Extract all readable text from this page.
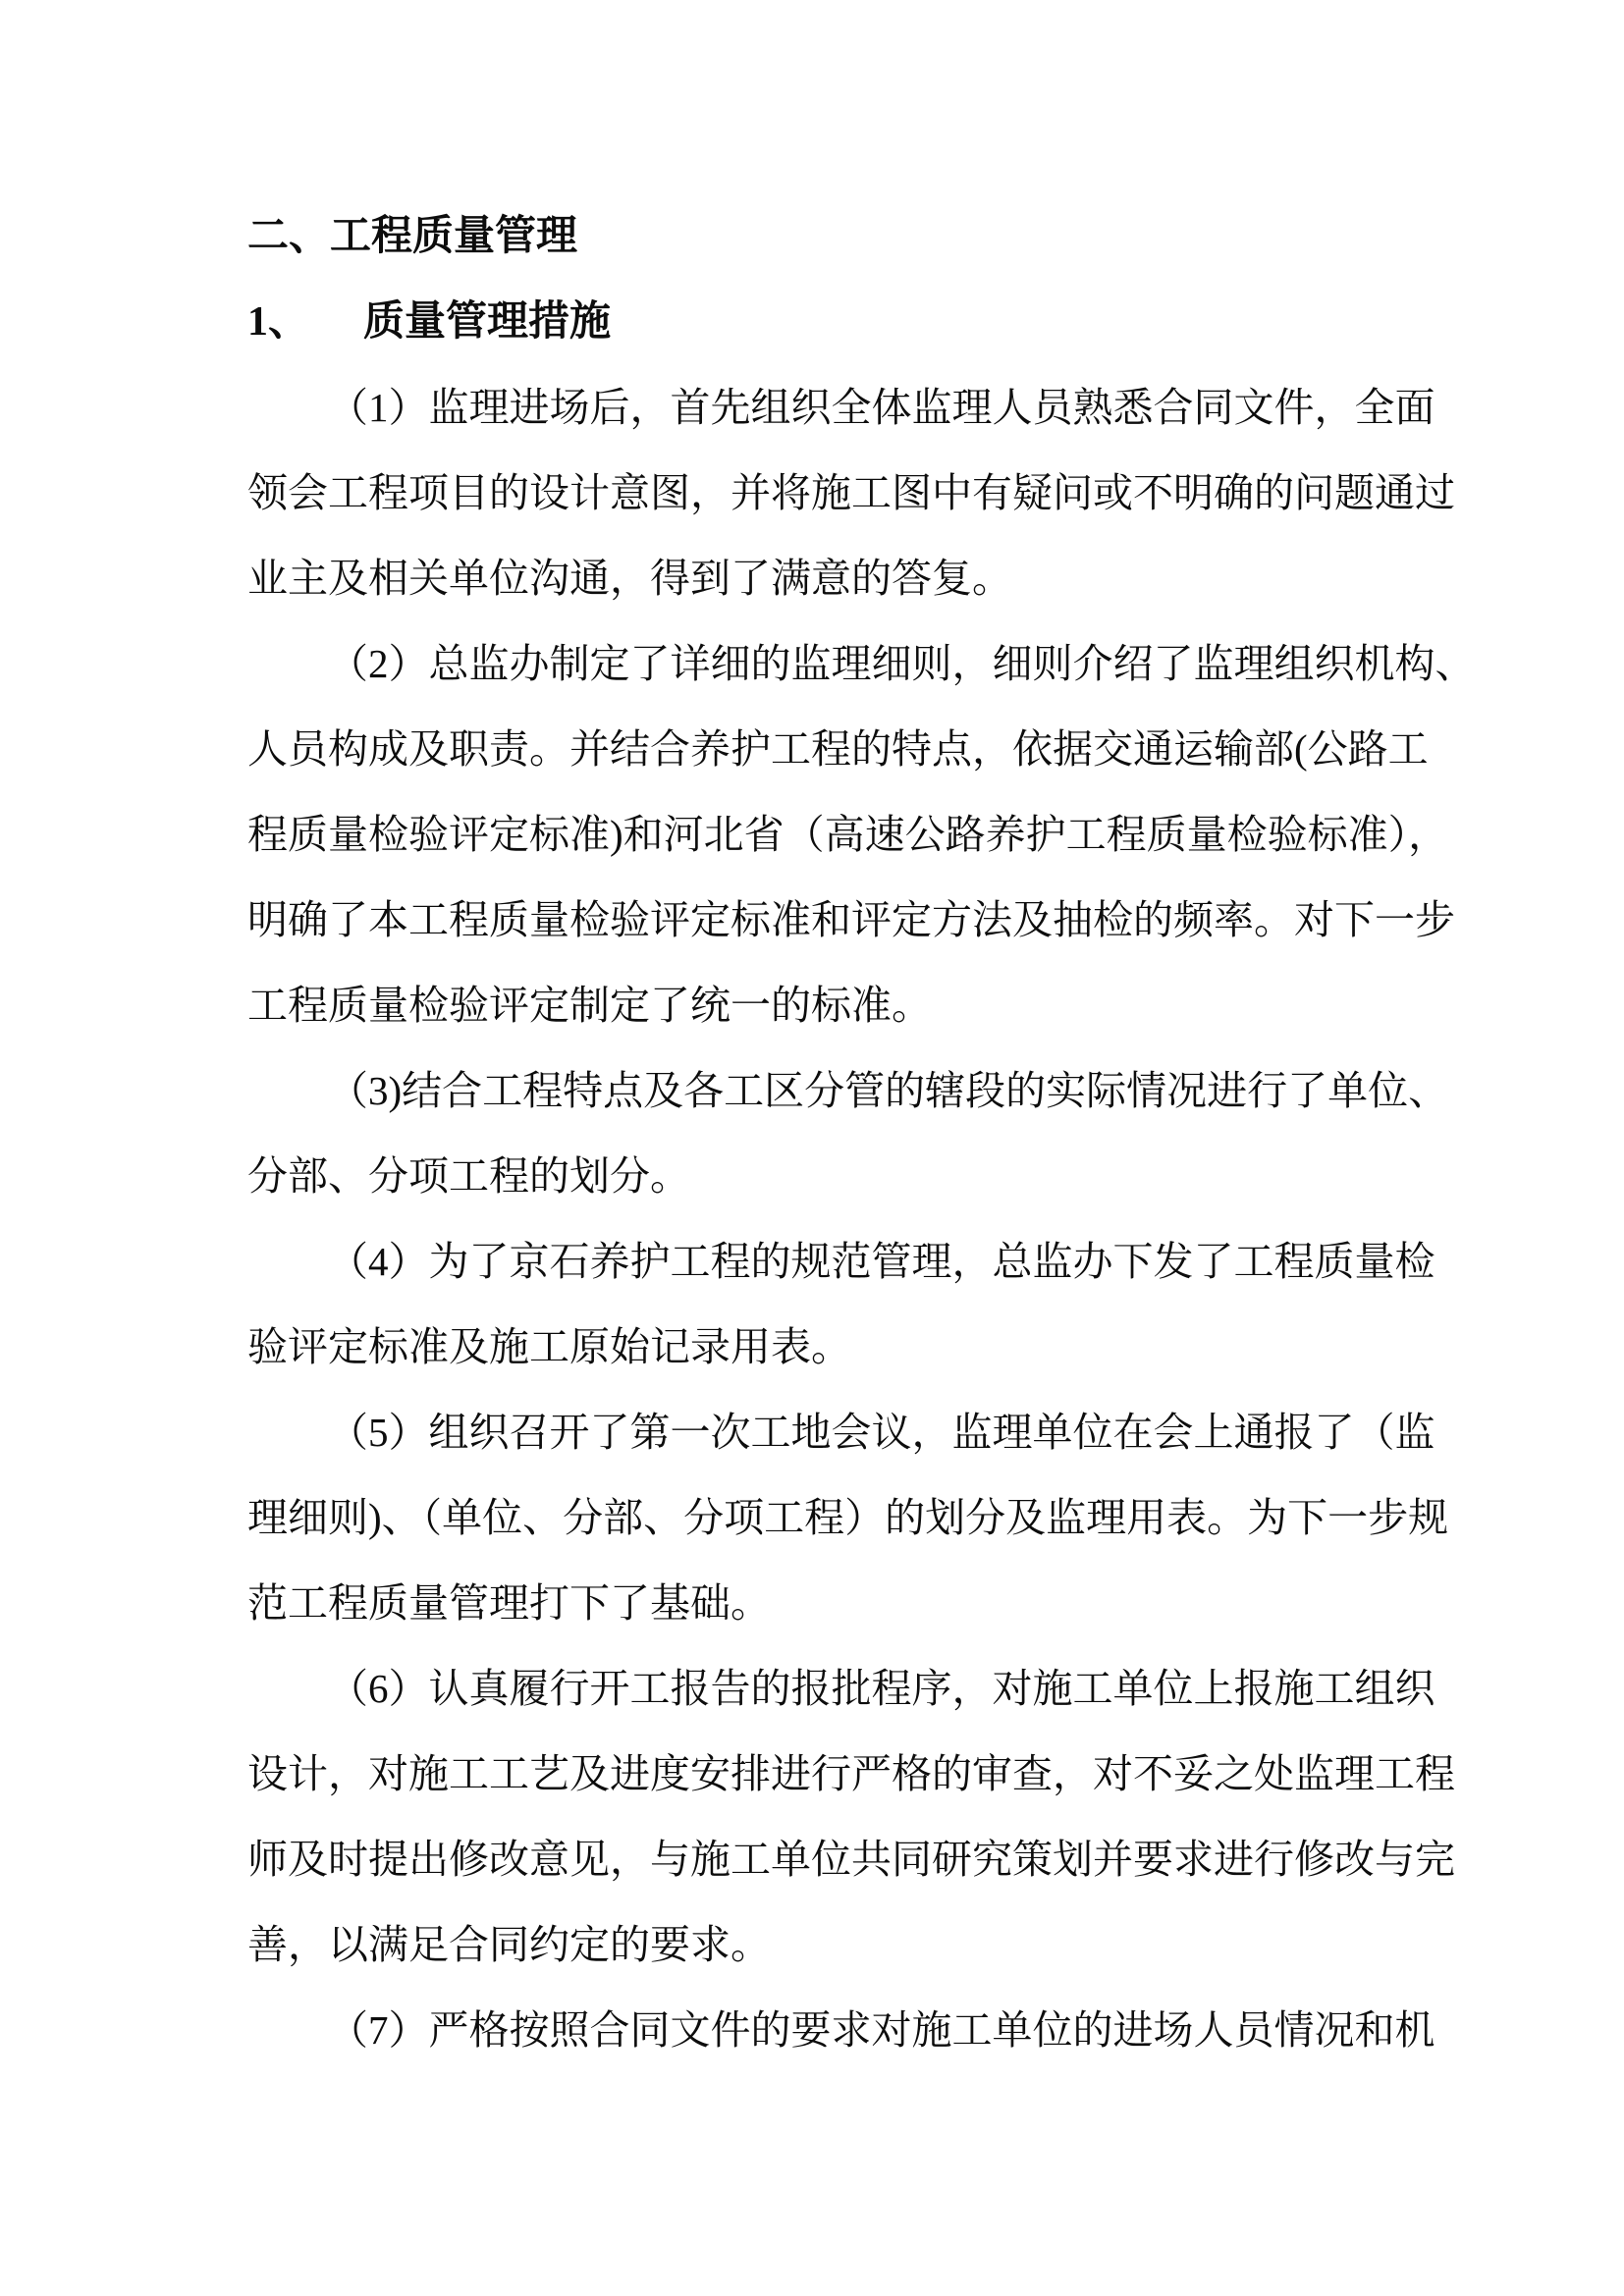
二、工程质量管理
1、 质量管理措施
（1）监理进场后，首先组织全体监理人员熟悉合同文件，全面
领会工程项目的设计意图，并将施工图中有疑问或不明确的问题通过
业主及相关单位沟通，得到了满意的答复。
（2）总监办制定了详细的监理细则，细则介绍了监理组织机构、
人员构成及职责。并结合养护工程的特点，依据交通运输部(公路工
程质量检验评定标准)和河北省（高速公路养护工程质量检验标准），
明确了本工程质量检验评定标准和评定方法及抽检的频率。对下一步
工程质量检验评定制定了统一的标准。
（3)结合工程特点及各工区分管的辖段的实际情况进行了单位、
分部、分项工程的划分。
（4）为了京石养护工程的规范管理，总监办下发了工程质量检
验评定标准及施工原始记录用表。
（5）组织召开了第一次工地会议，监理单位在会上通报了（监
理细则)、（单位、分部、分项工程）的划分及监理用表。为下一步规
范工程质量管理打下了基础。
（6）认真履行开工报告的报批程序，对施工单位上报施工组织
设计，对施工工艺及进度安排进行严格的审查，对不妥之处监理工程
师及时提出修改意见，与施工单位共同研究策划并要求进行修改与完
善，以满足合同约定的要求。
（7）严格按照合同文件的要求对施工单位的进场人员情况和机
